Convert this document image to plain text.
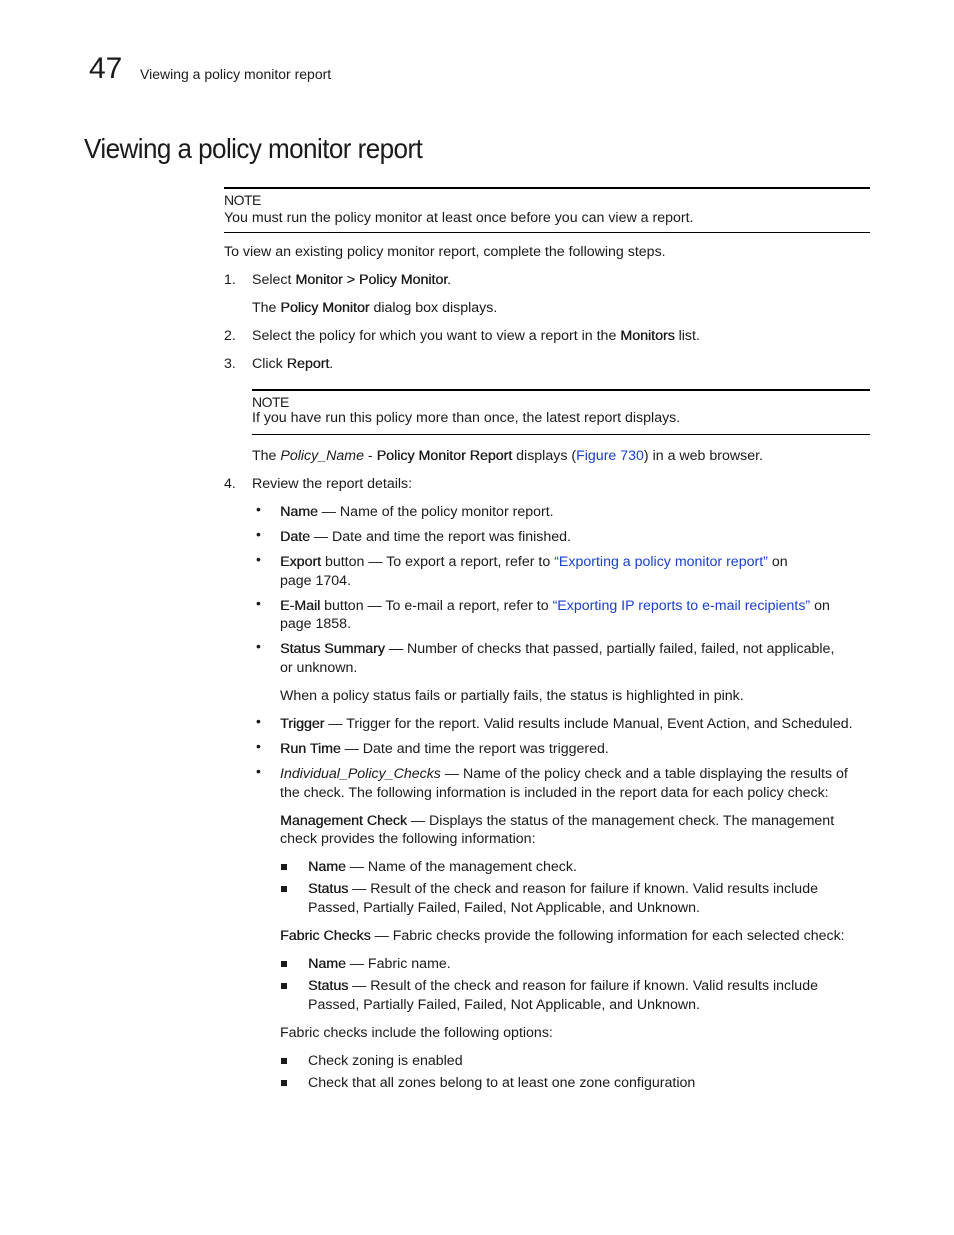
47 Viewing a policy monitor report
Viewing a policy monitor report
NOTE
You must run the policy monitor at least once before you can view a report.
To view an existing policy monitor report, complete the following steps.
1. Select Monitor > Policy Monitor.
The Policy Monitor dialog box displays.
2. Select the policy for which you want to view a report in the Monitors list.
3. Click Report.
NOTE
If you have run this policy more than once, the latest report displays.
The Policy_Name - Policy Monitor Report displays (Figure 730) in a web browser.
4. Review the report details:
• Name — Name of the policy monitor report.
• Date — Date and time the report was finished.
• Export button — To export a report, refer to “Exporting a policy monitor report” on
page 1704.
• E-Mail button — To e-mail a report, refer to “Exporting IP reports to e-mail recipients” on
page 1858.
• Status Summary — Number of checks that passed, partially failed, failed, not applicable,
or unknown.
When a policy status fails or partially fails, the status is highlighted in pink.
• Trigger — Trigger for the report. Valid results include Manual, Event Action, and Scheduled.
• Run Time — Date and time the report was triggered.
• Individual_Policy_Checks — Name of the policy check and a table displaying the results of
the check. The following information is included in the report data for each policy check:
Management Check — Displays the status of the management check. The management
check provides the following information:
Name — Name of the management check.
Status — Result of the check and reason for failure if known. Valid results include
Passed, Partially Failed, Failed, Not Applicable, and Unknown.
Fabric Checks — Fabric checks provide the following information for each selected check:
Name — Fabric name.
Status — Result of the check and reason for failure if known. Valid results include
Passed, Partially Failed, Failed, Not Applicable, and Unknown.
Fabric checks include the following options:
Check zoning is enabled
Check that all zones belong to at least one zone configuration
